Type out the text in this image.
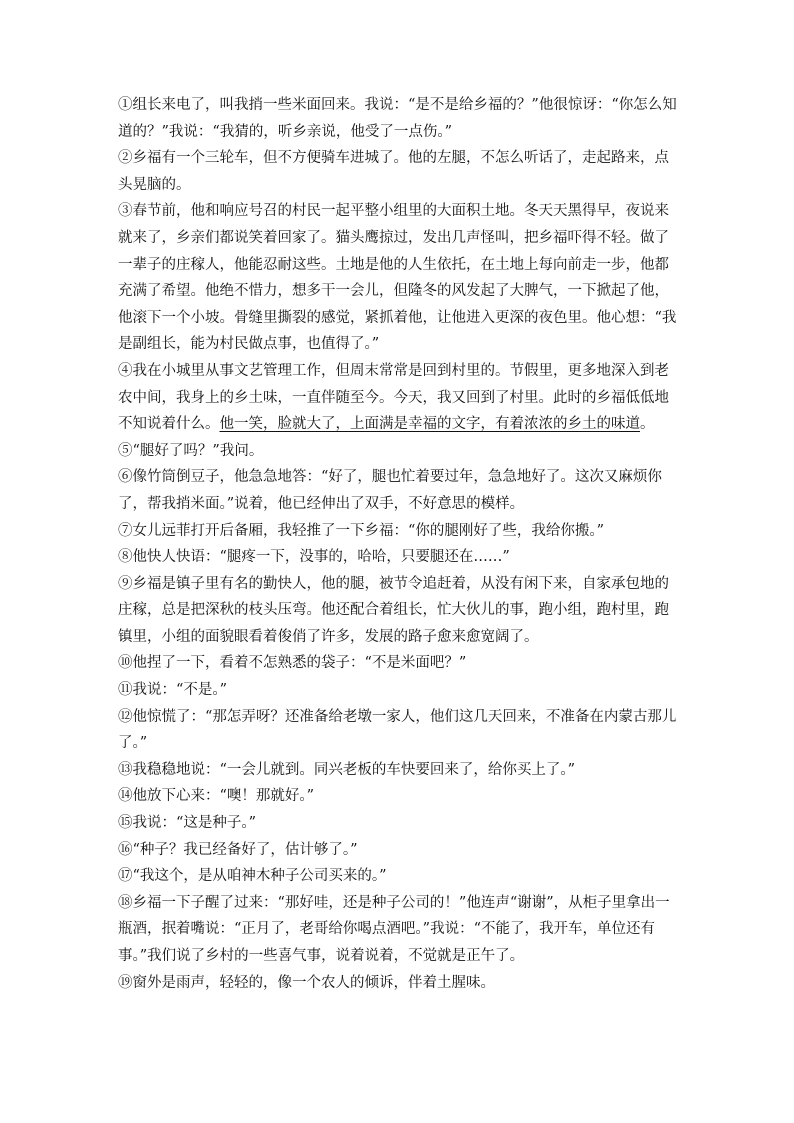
①组长来电了，叫我捎一些米面回来。我说：“是不是给乡福的？”他很惊讶：“你怎么知道的？”我说：“我猜的，听乡亲说，他受了一点伤。”

②乡福有一个三轮车，但不方便骑车进城了。他的左腿，不怎么听话了，走起路来，点头晃脑的。

③春节前，他和响应号召的村民一起平整小组里的大面积土地。冬天天黑得早，夜说来就来了，乡亲们都说笑着回家了。猫头鹰掠过，发出几声怪叫，把乡福吓得不轻。做了一辈子的庄稼人，他能忍耐这些。土地是他的人生依托，在土地上每向前走一步，他都充满了希望。他绝不惜力，想多干一会儿，但隆冬的风发起了大脾气，一下掀起了他，他滚下一个小坡。骨缝里撕裂的感觉，紧抓着他，让他进入更深的夜色里。他心想：“我是副组长，能为村民做点事，也值得了。”

④我在小城里从事文艺管理工作，但周末常常是回到村里的。节假里，更多地深入到老农中间，我身上的乡土味，一直伴随至今。今天，我又回到了村里。此时的乡福低低地不知说着什么。他一笑，脸就大了，上面满是幸福的文字，有着浓浓的乡土的味道。

⑤“腿好了吗？”我问。

⑥像竹筒倒豆子，他急急地答：“好了，腿也忙着要过年，急急地好了。这次又麻烦你了，帮我捎米面。”说着，他已经伸出了双手，不好意思的模样。

⑦女儿远菲打开后备厢，我轻推了一下乡福：“你的腿刚好了些，我给你搬。”

⑧他快人快语：“腿疼一下，没事的，哈哈，只要腿还在……”

⑨乡福是镇子里有名的勤快人，他的腿，被节令追赶着，从没有闲下来，自家承包地的庄稼，总是把深秋的枝头压弯。他还配合着组长，忙大伙儿的事，跑小组，跑村里，跑镇里，小组的面貌眼看着俊俏了许多，发展的路子愈来愈宽阔了。

⑩他捏了一下，看着不怎熟悉的袋子：“不是米面吧？”

⑪我说：“不是。”

⑫他惊慌了：“那怎弄呀？还准备给老墩一家人，他们这几天回来，不准备在内蒙古那儿了。”

⑬我稳稳地说：“一会儿就到。同兴老板的车快要回来了，给你买上了。”

⑭他放下心来：“噢！那就好。”

⑮我说：“这是种子。”

⑯“种子？我已经备好了，估计够了。”

⑰“我这个，是从咱神木种子公司买来的。”

⑱乡福一下子醒了过来：“那好哇，还是种子公司的！”他连声“谢谢”，从柜子里拿出一瓶酒，抿着嘴说：“正月了，老哥给你喝点酒吧。”我说：“不能了，我开车，单位还有事。”我们说了乡村的一些喜气事，说着说着，不觉就是正午了。

⑲窗外是雨声，轻轻的，像一个农人的倾诉，伴着土腥味。
